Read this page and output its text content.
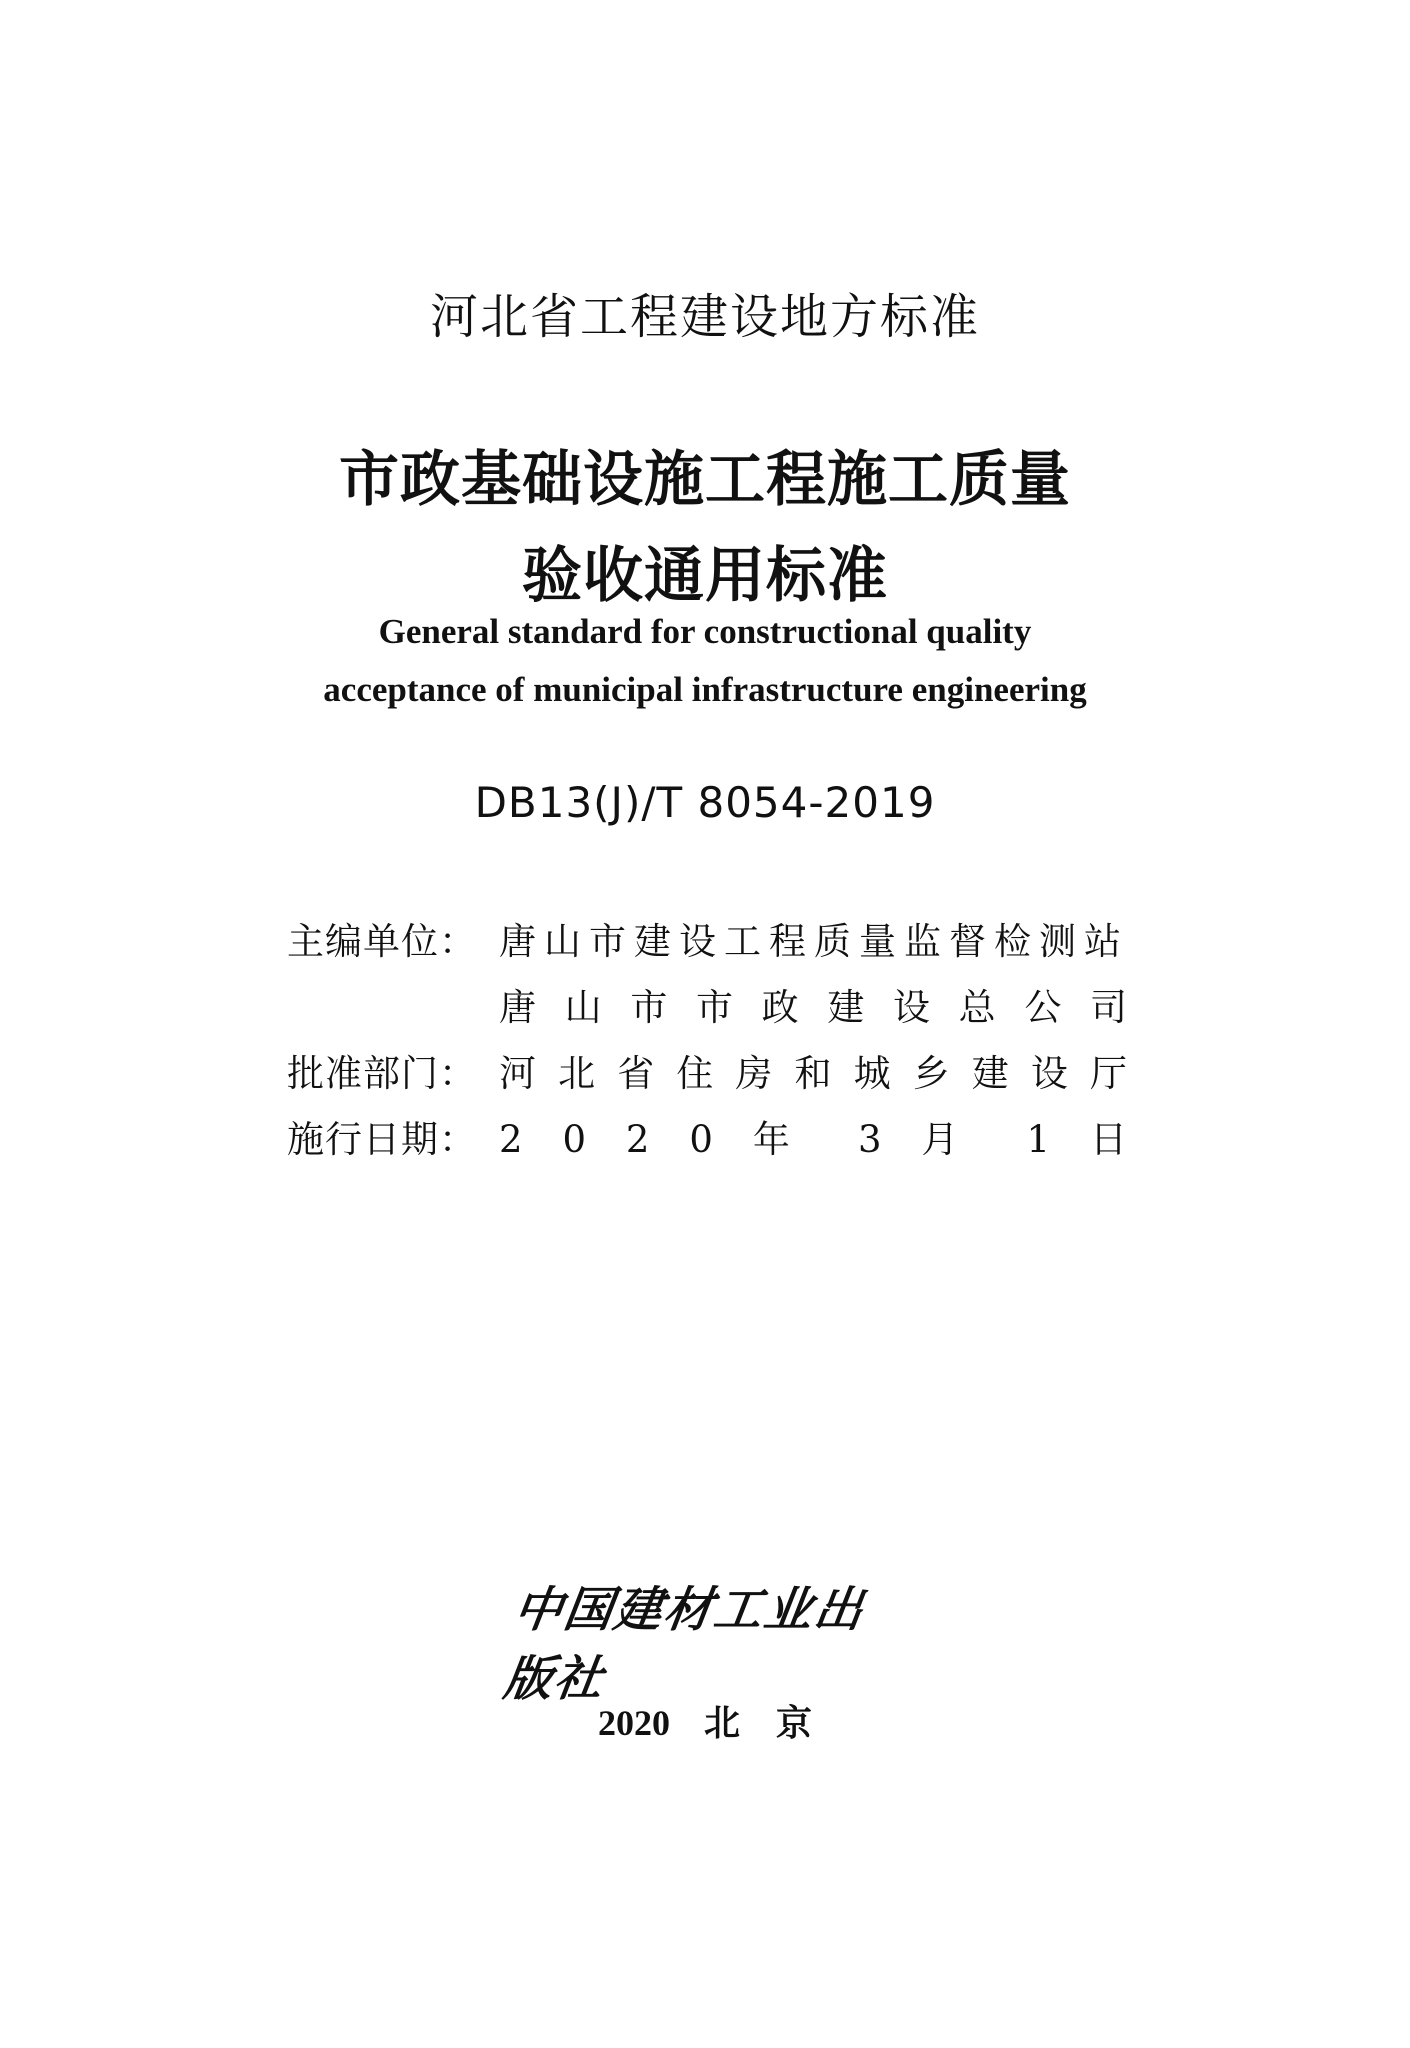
河北省工程建设地方标准
市政基础设施工程施工质量
验收通用标准
General standard for constructional quality
acceptance of municipal infrastructure engineering
DB13(J)/T 8054-2019
主编单位： 唐山市建设工程质量监督检测站
唐 山 市 市 政 建 设 总 公 司
批准部门： 河 北 省 住 房 和 城 乡 建 设 厅
施行日期： 2 0 2 0 年 3 月 1 日
中国建材工业出版社
2020 北　京
